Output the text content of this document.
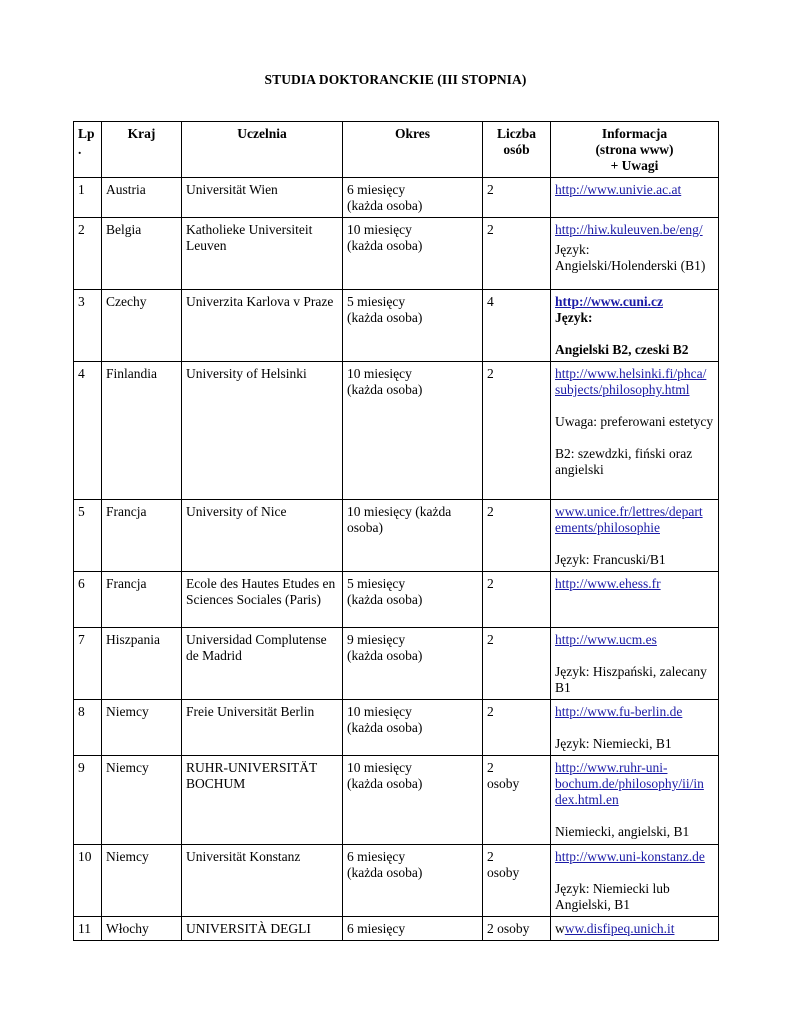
STUDIA DOKTORANCKIE (III STOPNIA)
Lp.	Kraj	Uczelnia	Okres	Liczba
osób	Informacja
(strona www)
+ Uwagi

1	Austria	Universität Wien	6 miesięcy
(każda osoba)	2	http://www.univie.ac.at
2	Belgia	Katholieke Universiteit Leuven	10 miesięcy
(każda osoba)	2	http://hiw.kuleuven.be/eng/
Język:
Angielski/Holenderski (B1)

3	Czechy	Univerzita Karlova v Praze	5 miesięcy
(każda osoba)	4	http://www.cuni.cz
Język:
Angielski B2, czeski B2

4	Finlandia	University of Helsinki	10 miesięcy
(każda osoba)	2	http://www.helsinki.fi/phca/
subjects/philosophy.html
Uwaga: preferowani estetycy
B2: szewdzki, fiński oraz angielski

5	Francja	University of Nice	10 miesięcy (każda osoba)	2	www.unice.fr/lettres/depart
ements/philosophie
Język: Francuski/B1

6	Francja	Ecole des Hautes Etudes en Sciences Sociales (Paris)	5 miesięcy
(każda osoba)	2	http://www.ehess.fr
7	Hiszpania	Universidad Complutense de Madrid	9 miesięcy
(każda osoba)	2	http://www.ucm.es
Język: Hiszpański, zalecany B1

8	Niemcy	Freie Universität Berlin	10 miesięcy
(każda osoba)	2	http://www.fu-berlin.de
Język: Niemiecki, B1

9	Niemcy	RUHR-UNIVERSITÄT BOCHUM	10 miesięcy
(każda osoba)	2
osoby	http://www.ruhr-uni-
bochum.de/philosophy/ii/in
dex.html.en
Niemiecki, angielski, B1

10	Niemcy	Universität Konstanz	6 miesięcy
(każda osoba)	2
osoby	http://www.uni-konstanz.de
Język: Niemiecki lub Angielski, B1

11	Włochy	UNIVERSITÀ DEGLI	6 miesięcy	2 osoby	www.disfipeq.unich.it
